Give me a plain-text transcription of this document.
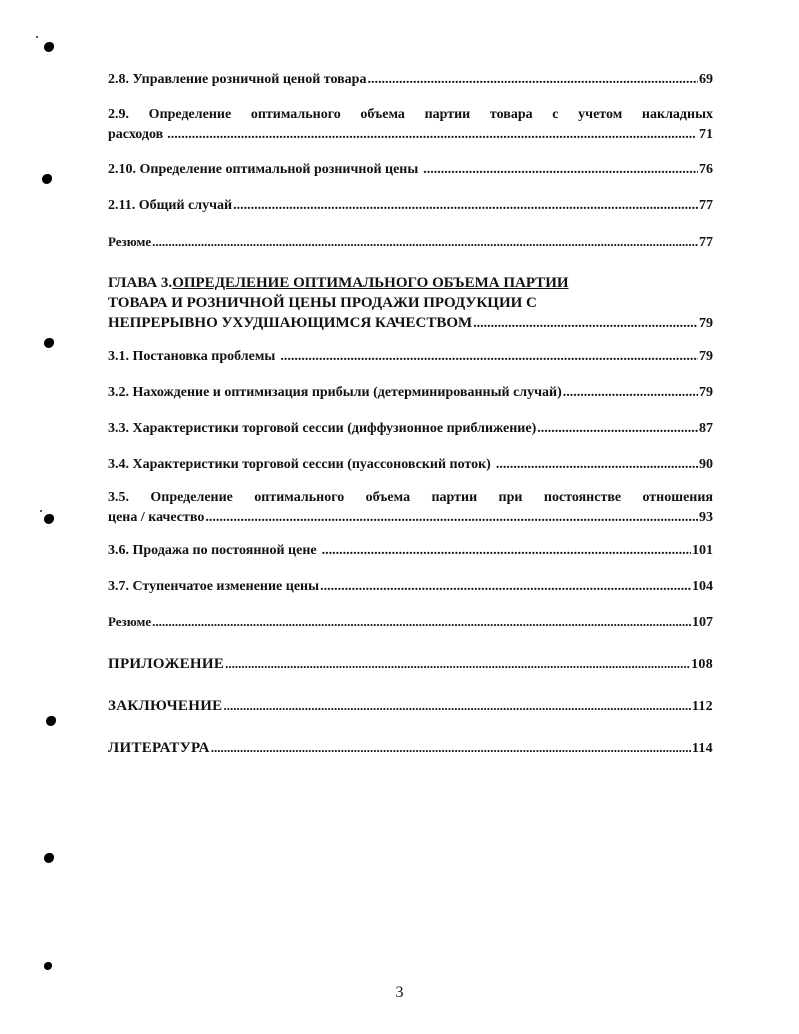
2.8. Управление розничной ценой товара .....	69
2.9. Определение оптимального объема партии товара с учетом накладных
расходов .....	71
2.10. Определение оптимальной розничной цены .....	76
2.11. Общий случай .....	77
Резюме .....	77
ГЛАВА 3.ОПРЕДЕЛЕНИЕ ОПТИМАЛЬНОГО ОБЪЕМА ПАРТИИ
ТОВАРА И РОЗНИЧНОЙ ЦЕНЫ ПРОДАЖИ ПРОДУКЦИИ С
НЕПРЕРЫВНО УХУДШАЮЩИМСЯ КАЧЕСТВОМ .....	79
3.1. Постановка проблемы .....	79
3.2. Нахождение и оптимизация прибыли (детерминированный случай) .....	79
3.3. Характеристики торговой сессии (диффузионное приближение) .....	87
3.4. Характеристики торговой сессии (пуассоновский поток) .....	90
3.5. Определение оптимального объема партии при постоянстве отношения
цена / качество .....	93
3.6. Продажа по постоянной цене .....	101
3.7. Ступенчатое изменение цены .....	104
Резюме .....	107
ПРИЛОЖЕНИЕ .....	108
ЗАКЛЮЧЕНИЕ .....	112
ЛИТЕРАТУРА .....	114
3
